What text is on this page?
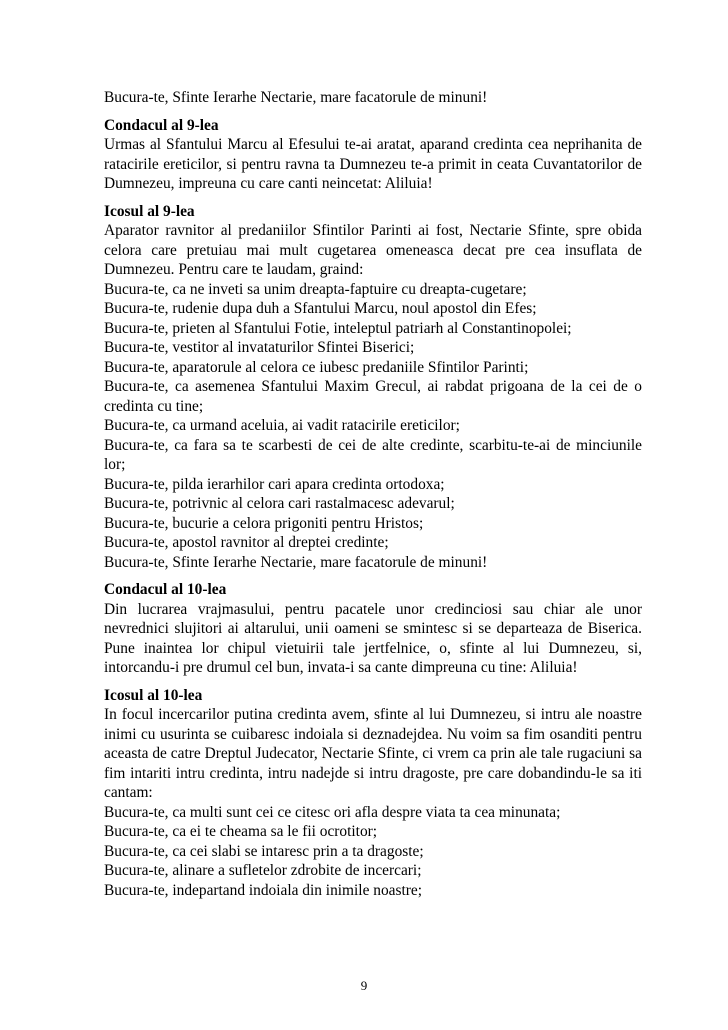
Bucura-te, Sfinte Ierarhe Nectarie, mare facatorule de minuni!
Condacul al 9-lea
Urmas al Sfantului Marcu al Efesului te-ai aratat, aparand credinta cea neprihanita de ratacirile ereticilor, si pentru ravna ta Dumnezeu te-a primit in ceata Cuvantatorilor de Dumnezeu, impreuna cu care canti neincetat: Aliluia!
Icosul al 9-lea
Aparator ravnitor al predaniilor Sfintilor Parinti ai fost, Nectarie Sfinte, spre obida celora care pretuiau mai mult cugetarea omeneasca decat pre cea insuflata de Dumnezeu. Pentru care te laudam, graind:
Bucura-te, ca ne inveti sa unim dreapta-faptuire cu dreapta-cugetare;
Bucura-te, rudenie dupa duh a Sfantului Marcu, noul apostol din Efes;
Bucura-te, prieten al Sfantului Fotie, inteleptul patriarh al Constantinopolei;
Bucura-te, vestitor al invataturilor Sfintei Biserici;
Bucura-te, aparatorule al celora ce iubesc predaniile Sfintilor Parinti;
Bucura-te, ca asemenea Sfantului Maxim Grecul, ai rabdat prigoana de la cei de o credinta cu tine;
Bucura-te, ca urmand aceluia, ai vadit ratacirile ereticilor;
Bucura-te, ca fara sa te scarbesti de cei de alte credinte, scarbitu-te-ai de minciunile lor;
Bucura-te, pilda ierarhilor cari apara credinta ortodoxa;
Bucura-te, potrivnic al celora cari rastalmacesc adevarul;
Bucura-te, bucurie a celora prigoniti pentru Hristos;
Bucura-te, apostol ravnitor al dreptei credinte;
Bucura-te, Sfinte Ierarhe Nectarie, mare facatorule de minuni!
Condacul al 10-lea
Din lucrarea vrajmasului, pentru pacatele unor credinciosi sau chiar ale unor nevrednici slujitori ai altarului, unii oameni se smintesc si se departeaza de Biserica. Pune inaintea lor chipul vietuirii tale jertfelnice, o, sfinte al lui Dumnezeu, si, intorcandu-i pre drumul cel bun, invata-i sa cante dimpreuna cu tine: Aliluia!
Icosul al 10-lea
In focul incercarilor putina credinta avem, sfinte al lui Dumnezeu, si intru ale noastre inimi cu usurinta se cuibaresc indoiala si deznadejdea. Nu voim sa fim osanditi pentru aceasta de catre Dreptul Judecator, Nectarie Sfinte, ci vrem ca prin ale tale rugaciuni sa fim intariti intru credinta, intru nadejde si intru dragoste, pre care dobandindu-le sa iti cantam:
Bucura-te, ca multi sunt cei ce citesc ori afla despre viata ta cea minunata;
Bucura-te, ca ei te cheama sa le fii ocrotitor;
Bucura-te, ca cei slabi se intaresc prin a ta dragoste;
Bucura-te, alinare a sufletelor zdrobite de incercari;
Bucura-te, indepartand indoiala din inimile noastre;
9
